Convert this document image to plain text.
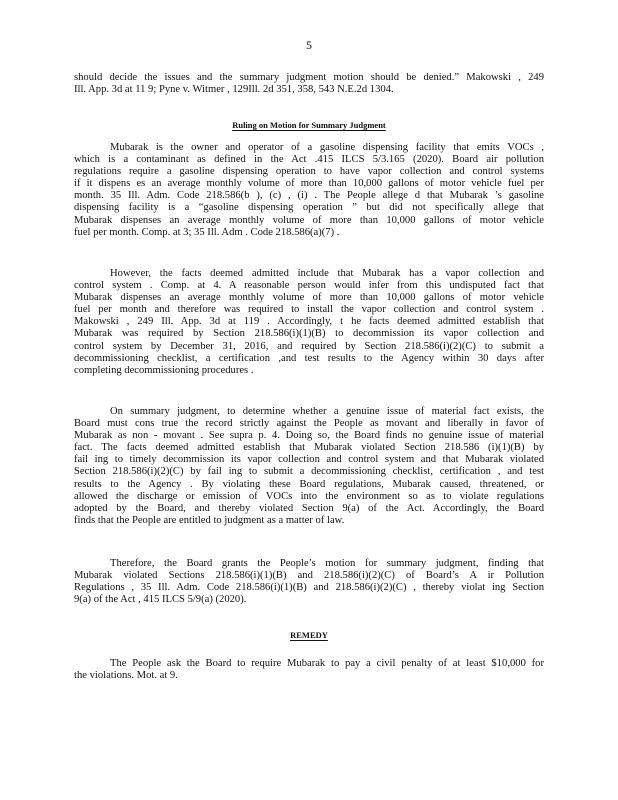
5
should decide the issues and the summary judgment motion should be denied.” Makowski , 249
Ill. App. 3d at 11 9; Pyne v. Witmer , 129Ill. 2d 351, 358, 543 N.E.2d 1304.
Ruling on Motion for Summary Judgment
Mubarak is the owner and operator of a gasoline dispensing facility that emits VOCs ,
which is a contaminant as defined in the Act .415 ILCS 5/3.165 (2020). Board air pollution
regulations require a gasoline dispensing operation to have vapor collection and control systems
if it dispens es an average monthly volume of more than 10,000 gallons of motor vehicle fuel per
month. 35 Ill. Adm. Code 218.586(b ), (c) , (i) . The People allege d that Mubarak ’s gasoline
dispensing facility is a “gasoline dispensing operation ” but did not specifically allege that
Mubarak dispenses an average monthly volume of more than 10,000 gallons of motor vehicle
fuel per month. Comp. at 3; 35 Ill. Adm . Code 218.586(a)(7) .
However, the facts deemed admitted include that Mubarak has a vapor collection and
control system . Comp. at 4. A reasonable person would infer from this undisputed fact that
Mubarak dispenses an average monthly volume of more than 10,000 gallons of motor vehicle
fuel per month and therefore was required to install the vapor collection and control system .
Makowski , 249 Ill. App. 3d at 119 . Accordingly, t he facts deemed admitted establish that
Mubarak was required by Section 218.586(i)(1)(B) to decommission its vapor collection and
control system by December 31, 2016, and required by Section 218.586(i)(2)(C) to submit a
decommissioning checklist, a certification ,and test results to the Agency within 30 days after
completing decommissioning procedures .
On summary judgment, to determine whether a genuine issue of material fact exists, the
Board must cons true the record strictly against the People as movant and liberally in favor of
Mubarak as non - movant . See supra p. 4. Doing so, the Board finds no genuine issue of material
fact. The facts deemed admitted establish that Mubarak violated Section 218.586 (i)(1)(B) by
fail ing to timely decommission its vapor collection and control system and that Mubarak violated
Section 218.586(i)(2)(C) by fail ing to submit a decommissioning checklist, certification , and test
results to the Agency . By violating these Board regulations, Mubarak caused, threatened, or
allowed the discharge or emission of VOCs into the environment so as to violate regulations
adopted by the Board, and thereby violated Section 9(a) of the Act. Accordingly, the Board
finds that the People are entitled to judgment as a matter of law.
Therefore, the Board grants the People’s motion for summary judgment, finding that
Mubarak violated Sections 218.586(i)(1)(B) and 218.586(i)(2)(C) of Board’s A ir Pollution
Regulations , 35 Ill. Adm. Code 218.586(i)(1)(B) and 218.586(i)(2)(C) , thereby violat ing Section
9(a) of the Act , 415 ILCS 5/9(a) (2020).
REMEDY
The People ask the Board to require Mubarak to pay a civil penalty of at least $10,000 for
the violations. Mot. at 9.
